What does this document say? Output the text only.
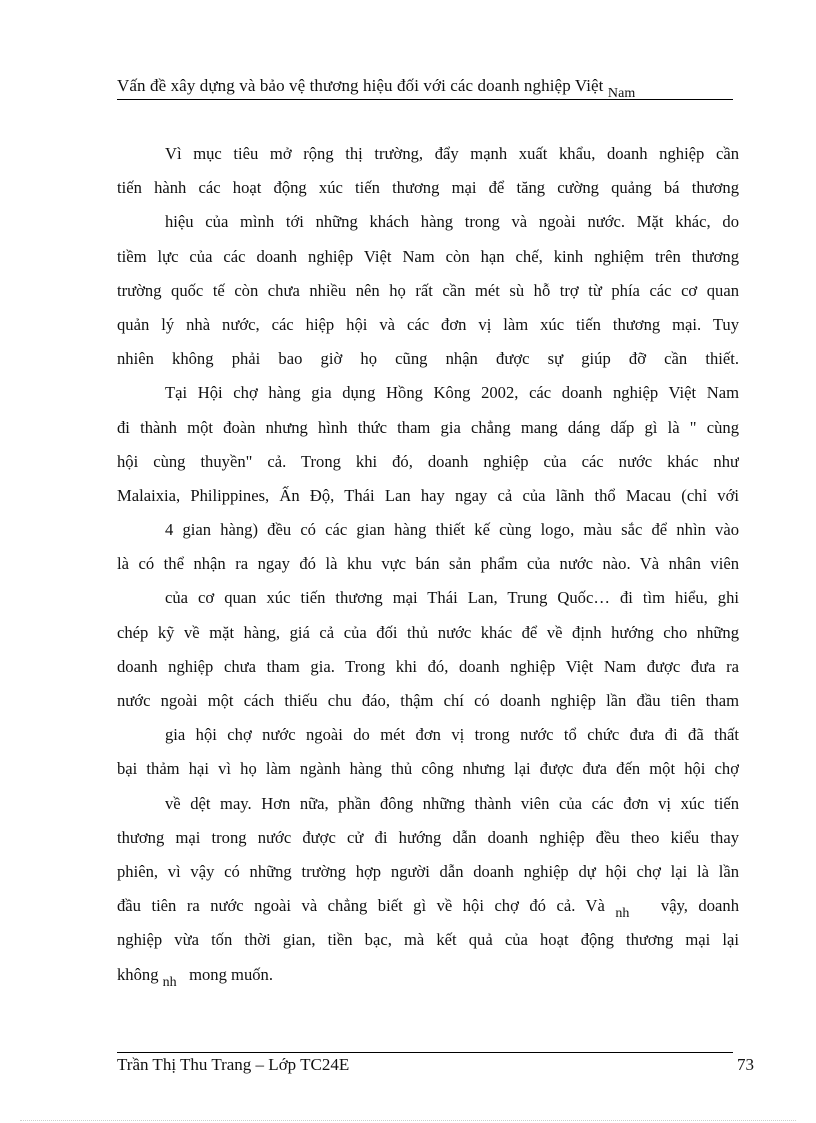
Vấn đề xây dựng và bảo vệ thương hiệu đối với các doanh nghiệp Việt $_{Nam}$
Vì mục tiêu mở rộng thị trường, đẩy mạnh xuất khẩu, doanh nghiệp cần
tiến hành các hoạt động xúc tiến thương mại để tăng cường quảng bá thương
hiệu của mình tới những khách hàng trong và ngoài nước. Mặt khác, do
tiềm lực của các doanh nghiệp Việt Nam còn hạn chế, kinh nghiệm trên thương
trường quốc tế còn chưa nhiều nên họ rất cần mét sù hỗ trợ từ phía các cơ quan
quản lý nhà nước, các hiệp hội và các đơn vị làm xúc tiến thương mại. Tuy
nhiên không phải bao giờ họ cũng nhận được sự giúp đỡ cần thiết.
Tại Hội chợ hàng gia dụng Hồng Kông 2002, các doanh nghiệp Việt Nam
đi thành một đoàn nhưng hình thức tham gia chẳng mang dáng dấp gì là " cùng
hội cùng thuyền" cả. Trong khi đó, doanh nghiệp của các nước khác như
Malaixia, Philippines, Ấn Độ, Thái Lan hay ngay cả của lãnh thổ Macau (chỉ với
4 gian hàng) đều có các gian hàng thiết kế cùng logo, màu sắc để nhìn vào
là có thể nhận ra ngay đó là khu vực bán sản phẩm của nước nào. Và nhân viên
của cơ quan xúc tiến thương mại Thái Lan, Trung Quốc… đi tìm hiểu, ghi
chép kỹ về mặt hàng, giá cả của đối thủ nước khác để về định hướng cho những
doanh nghiệp chưa tham gia. Trong khi đó, doanh nghiệp Việt Nam được đưa ra
nước ngoài một cách thiếu chu đáo, thậm chí có doanh nghiệp lần đầu tiên tham
gia hội chợ nước ngoài do mét đơn vị trong nước tổ chức đưa đi đã thất
bại thảm hại vì họ làm ngành hàng thủ công nhưng lại được đưa đến một hội chợ
về dệt may. Hơn nữa, phần đông những thành viên của các đơn vị xúc tiến
thương mại trong nước được cử đi hướng dẫn doanh nghiệp đều theo kiểu thay
phiên, vì vậy có những trường hợp người dẫn doanh nghiệp dự hội chợ lại là lần
đầu tiên ra nước ngoài và chẳng biết gì về hội chợ đó cả. Và $_{nh}$ vậy, doanh
nghiệp vừa tốn thời gian, tiền bạc, mà kết quả của hoạt động thương mại lại
không $_{nh}$ mong muốn.
Trần Thị Thu Trang – Lớp TC24E	73
